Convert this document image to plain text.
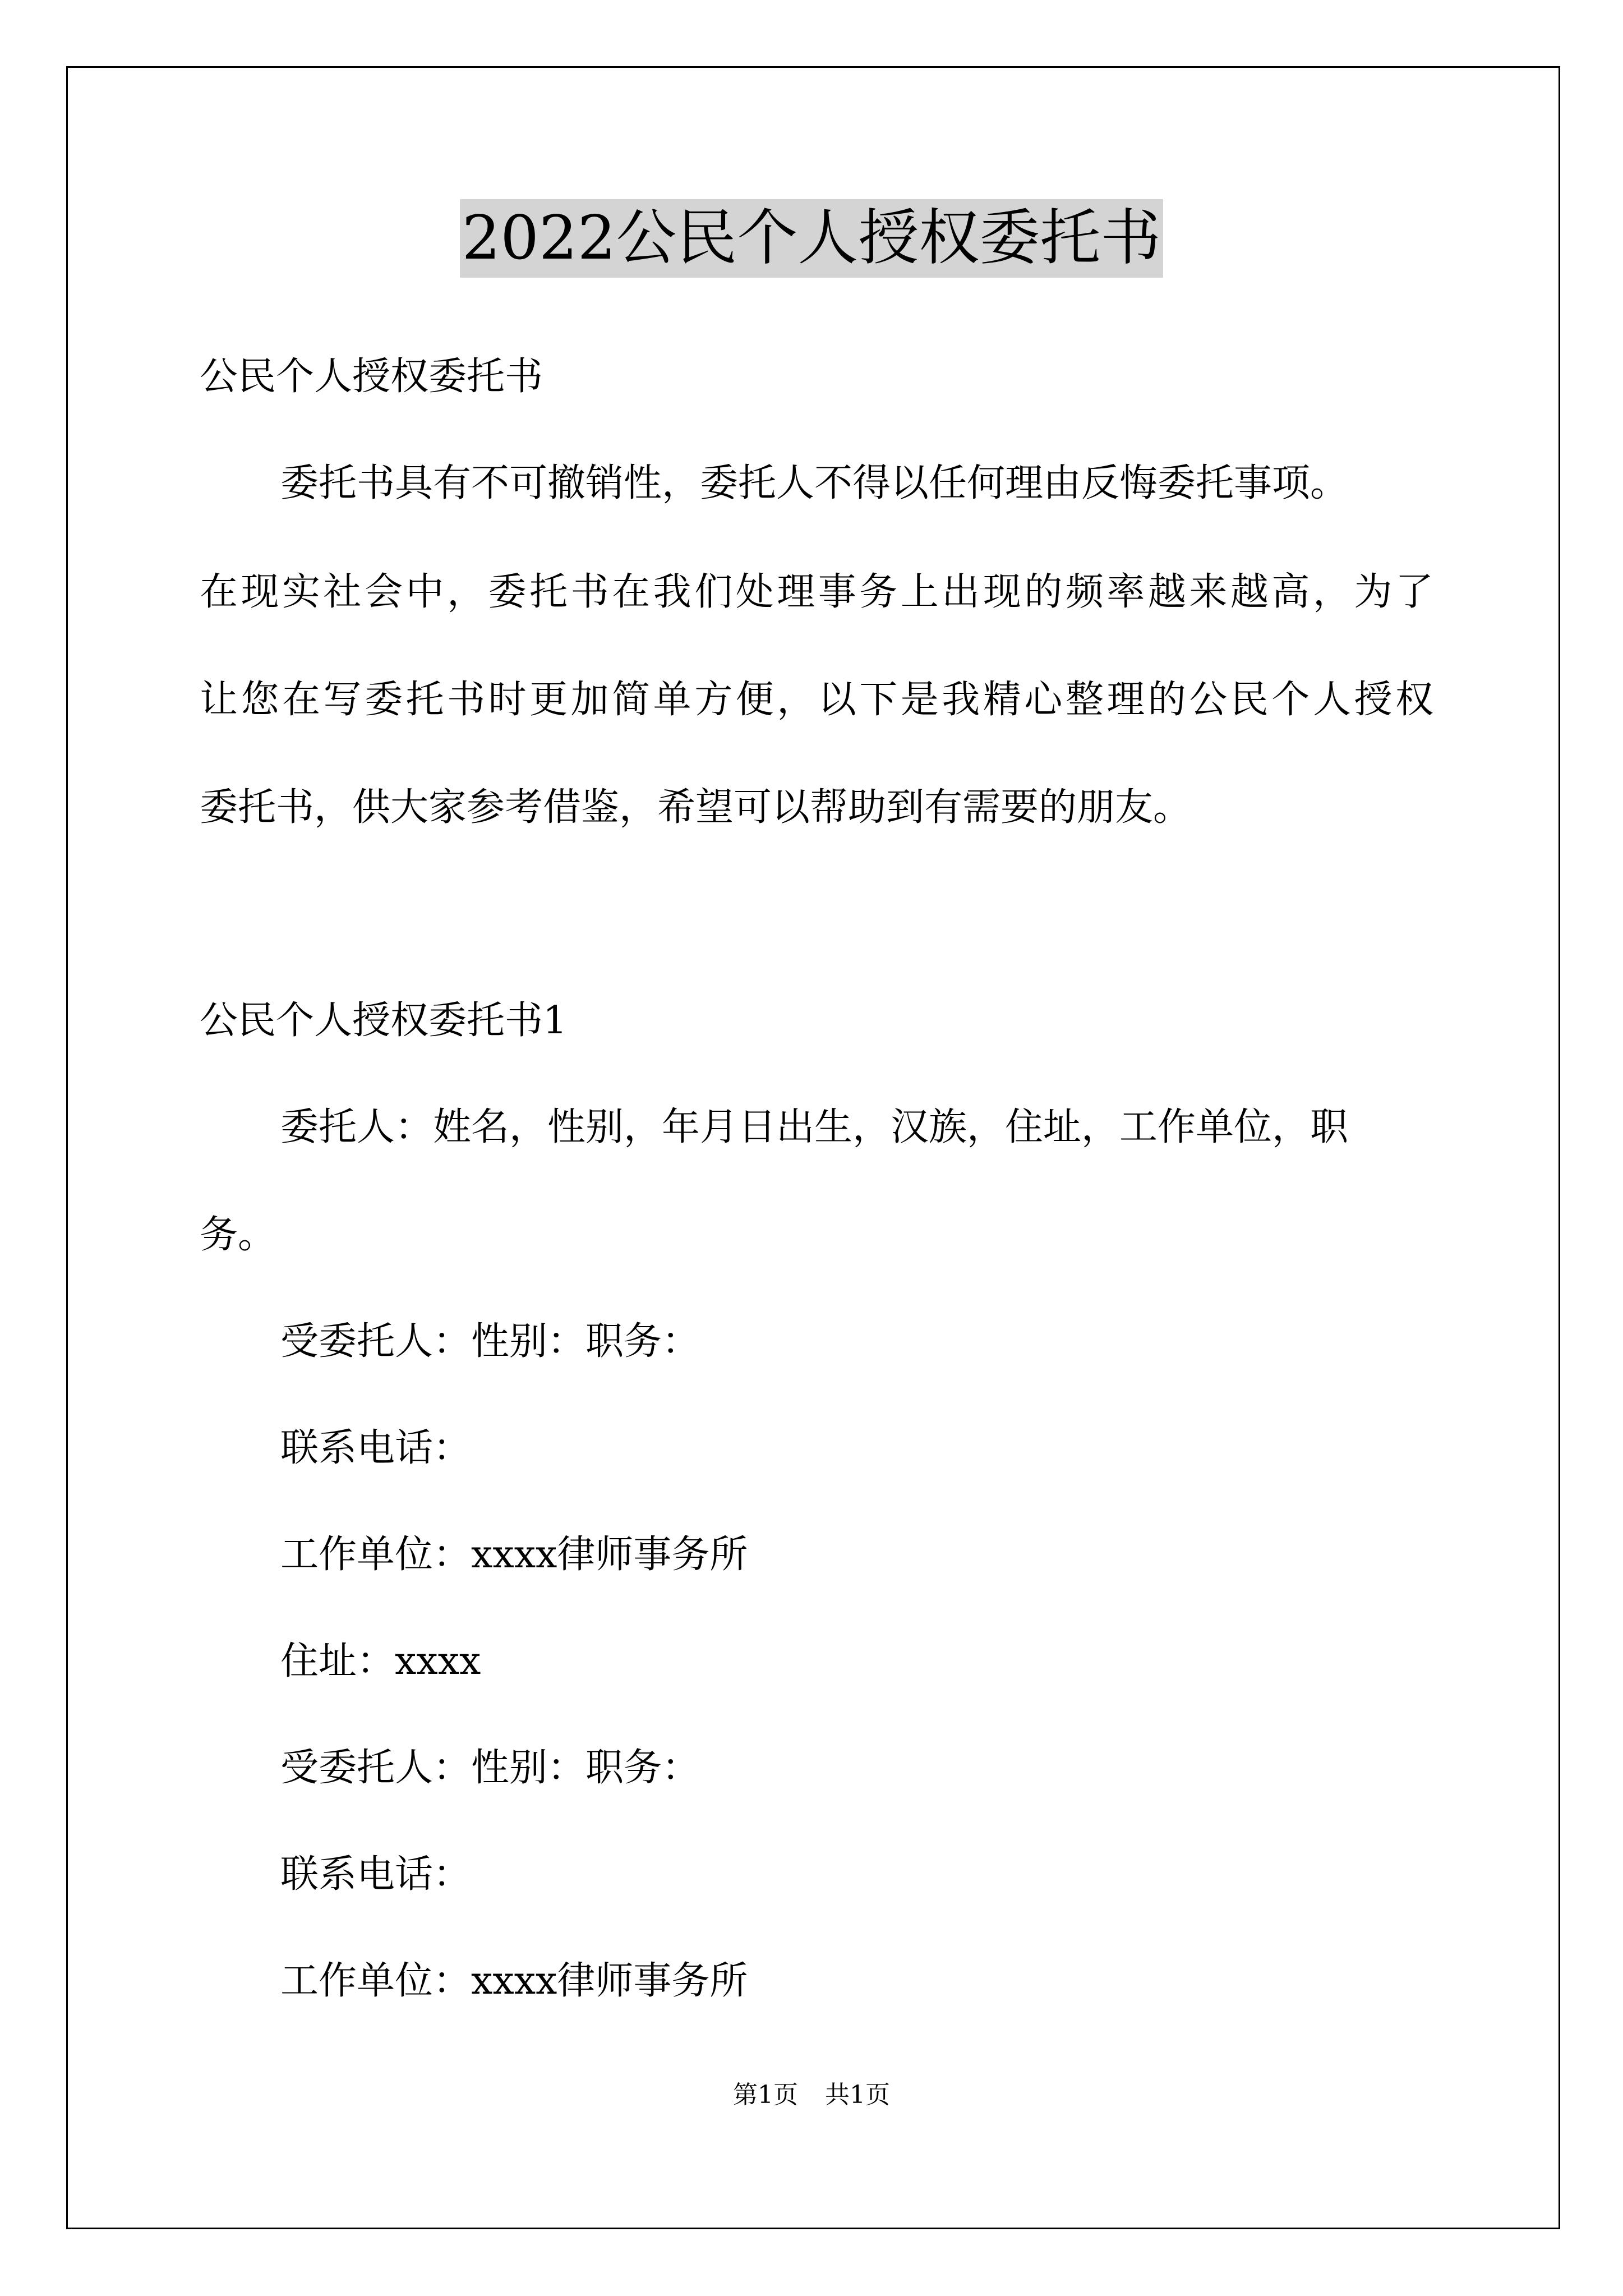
2022公民个人授权委托书
公民个人授权委托书
委托书具有不可撤销性，委托人不得以任何理由反悔委托事项。
在现实社会中，委托书在我们处理事务上出现的频率越来越高，为了
让您在写委托书时更加简单方便，以下是我精心整理的公民个人授权
委托书，供大家参考借鉴，希望可以帮助到有需要的朋友。
公民个人授权委托书1
委托人：姓名，性别，年月日出生，汉族，住址，工作单位，职
务。
受委托人：性别：职务：
联系电话：
工作单位：xxxx律师事务所
住址：xxxx
受委托人：性别：职务：
联系电话：
工作单位：xxxx律师事务所
第1页 共1页
